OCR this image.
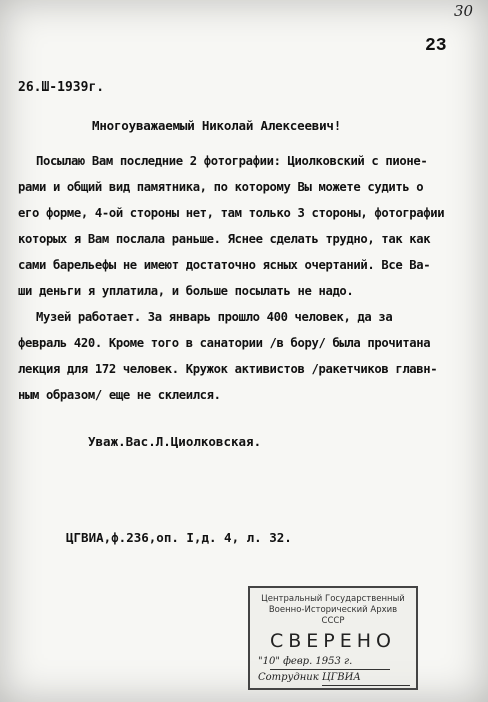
30
23
26.Ш-1939г.
Многоуважаемый Николай Алексеевич!
Посылаю Вам последние 2 фотографии: Циолковский с пионе-
рами и общий вид памятника, по которому Вы можете судить о
его форме, 4-ой стороны нет, там только 3 стороны, фотографии
которых я Вам послала раньше. Яснее сделать трудно, так как
сами барельефы не имеют достаточно ясных очертаний. Все Ва-
ши деньги я уплатила, и больше посылать не надо.
Музей работает. За январь прошло 400 человек, да за
февраль 420. Кроме того в санатории /в бору/ была прочитана
лекция для 172 человек. Кружок активистов /ракетчиков главн-
ным образом/ еще не склеился.
Уваж.Вас.Л.Циолковская.
ЦГВИА,ф.236,оп. I,д. 4, л. 32.
Центральный Государственный
Военно-Исторический Архив
СССР
СВЕРЕНО
"10" февр. 1953 г.
Сотрудник ЦГВИА
